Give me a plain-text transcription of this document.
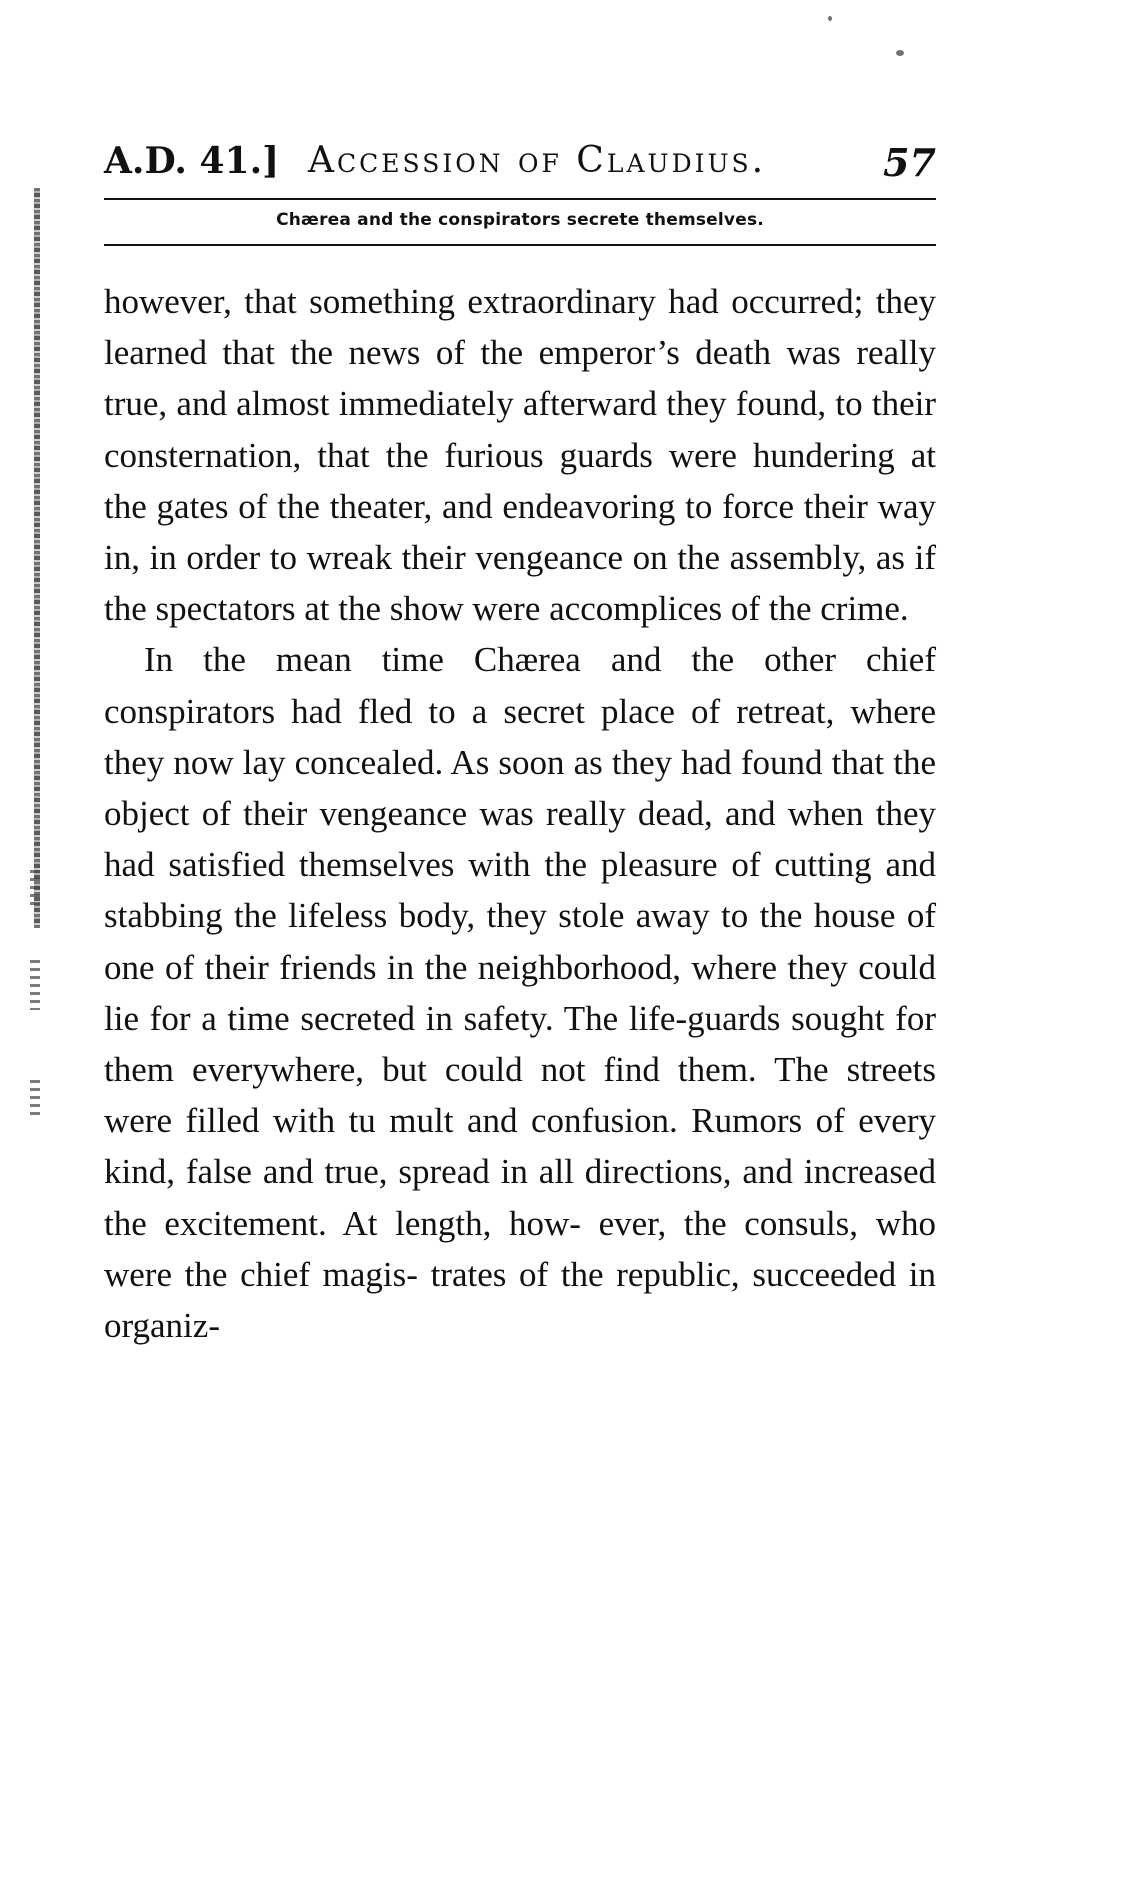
A.D. 41.] Accession of Claudius.	57
Chærea and the conspirators secrete themselves.

however, that something extraordinary had occurred; they learned that the news of the emperor’s death was really true, and almost immediately afterward they found, to their consternation, that the furious guards were hundering at the gates of the theater, and endeavoring to force their way in, in order to wreak their vengeance on the assembly, as if the spectators at the show were accomplices of the crime.

In the mean time Chærea and the other chief conspirators had fled to a secret place of retreat, where they now lay concealed. As soon as they had found that the object of their vengeance was really dead, and when they had satisfied themselves with the pleasure of cutting and stabbing the lifeless body, they stole away to the house of one of their friends in the neighborhood, where they could lie for a time secreted in safety. The life-guards sought for them everywhere, but could not find them. The streets were filled with tu mult and confusion. Rumors of every kind, false and true, spread in all directions, and increased the excitement. At length, how- ever, the consuls, who were the chief magis- trates of the republic, succeeded in organiz-
